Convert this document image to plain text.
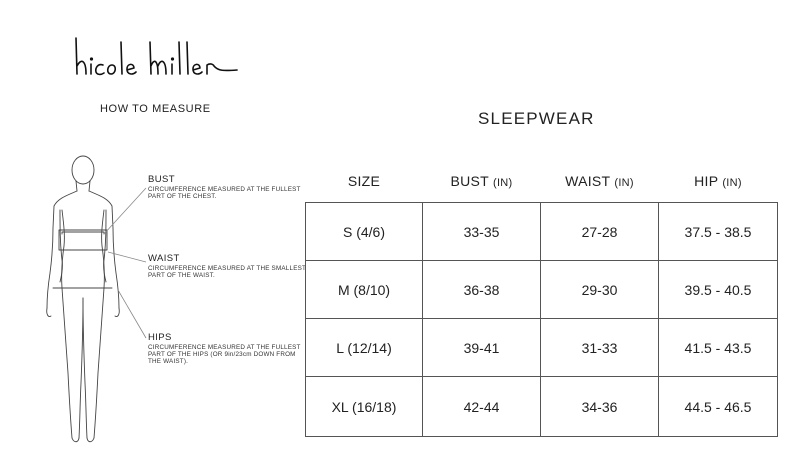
HOW TO MEASURE	SLEEPWEAR
BUST
CIRCUMFERENCE MEASURED AT THE FULLEST PART OF THE CHEST.
WAIST
CIRCUMFERENCE MEASURED AT THE SMALLEST PART OF THE WAIST.
HIPS
CIRCUMFERENCE MEASURED AT THE FULLEST PART OF THE HIPS (OR 9in/23cm DOWN FROM THE WAIST).
SIZE	BUST (IN)	WAIST (IN)	HIP (IN)
S (4/6)	33-35	27-28	37.5 - 38.5
M (8/10)	36-38	29-30	39.5 - 40.5
L (12/14)	39-41	31-33	41.5 - 43.5
XL (16/18)	42-44	34-36	44.5 - 46.5
